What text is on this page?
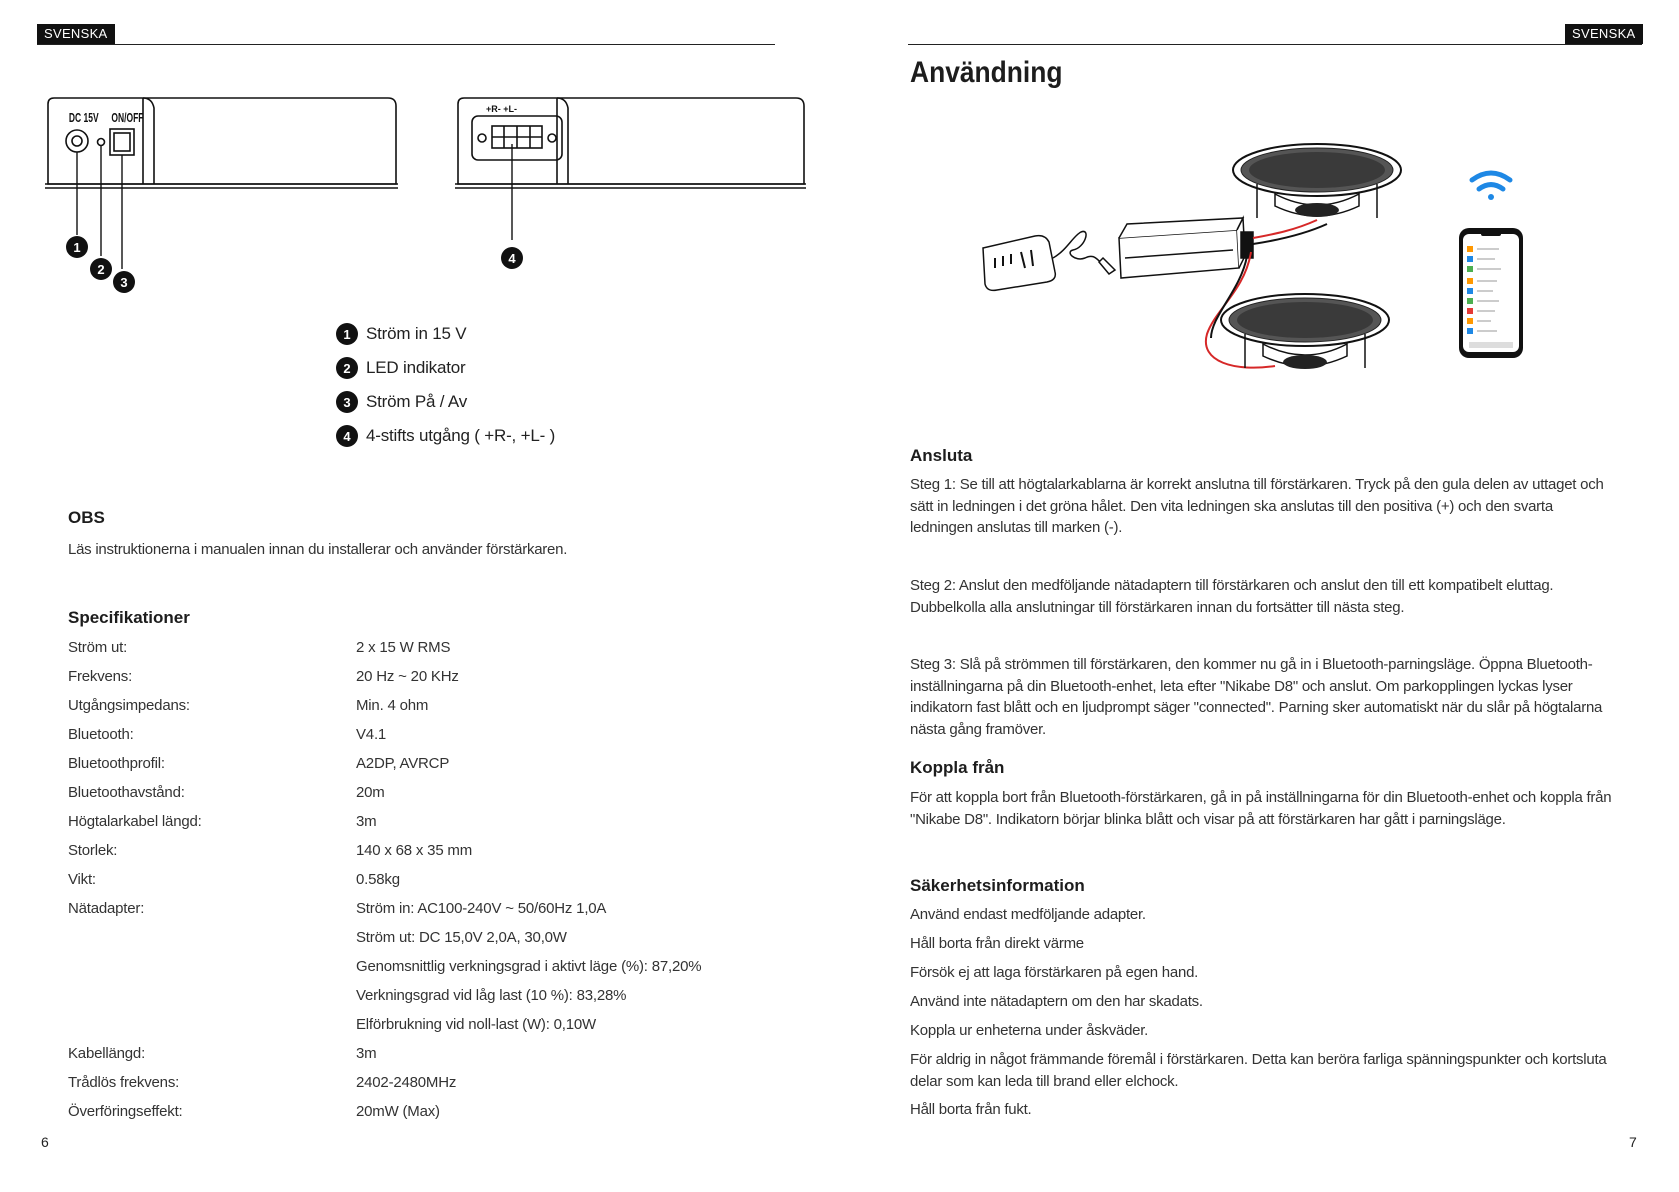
SVENSKA
DC 15V ON/OFF
1
2
3
+R- +L-
4
1 Ström in 15 V
2 LED indikator
3 Ström På / Av
4 4-stifts utgång ( +R-, +L- )
OBS

Läs instruktionerna i manualen innan du installerar och använder förstärkaren.

Specifikationer
Ström ut:	2 x 15 W RMS
Frekvens:	20 Hz ~ 20 KHz
Utgångsimpedans:	Min. 4 ohm
Bluetooth:	V4.1
Bluetoothprofil:	A2DP, AVRCP
Bluetoothavstånd:	20m
Högtalarkabel längd:	3m
Storlek:	140 x 68 x 35 mm
Vikt:	0.58kg
Nätadapter:	Ström in: AC100-240V ~ 50/60Hz 1,0A
Ström ut: DC 15,0V 2,0A, 30,0W
Genomsnittlig verkningsgrad i aktivt läge (%): 87,20%
Verkningsgrad vid låg last (10 %): 83,28%
Elförbrukning vid noll-last (W): 0,10W
Kabellängd:	3m
Trådlös frekvens:	2402-2480MHz
Överföringseffekt:	20mW (Max)
6
SVENSKA
Användning
Ansluta

Steg 1: Se till att högtalarkablarna är korrekt anslutna till förstärkaren. Tryck på den gula delen av uttaget och sätt in ledningen i det gröna hålet. Den vita ledningen ska anslutas till den positiva (+) och den svarta ledningen anslutas till marken (-).

Steg 2: Anslut den medföljande nätadaptern till förstärkaren och anslut den till ett kompatibelt eluttag. Dubbelkolla alla anslutningar till förstärkaren innan du fortsätter till nästa steg.

Steg 3: Slå på strömmen till förstärkaren, den kommer nu gå in i Bluetooth-parningsläge. Öppna Bluetooth-inställningarna på din Bluetooth-enhet, leta efter "Nikabe D8" och anslut. Om parkopplingen lyckas lyser indikatorn fast blått och en ljudprompt säger "connected". Parning sker automatiskt när du slår på högtalarna nästa gång framöver.

Koppla från

För att koppla bort från Bluetooth-förstärkaren, gå in på inställningarna för din Bluetooth-enhet och koppla från "Nikabe D8". Indikatorn börjar blinka blått och visar på att förstärkaren har gått i parningsläge.

Säkerhetsinformation

Använd endast medföljande adapter.

Håll borta från direkt värme

Försök ej att laga förstärkaren på egen hand.

Använd inte nätadaptern om den har skadats.

Koppla ur enheterna under åskväder.

För aldrig in något främmande föremål i förstärkaren. Detta kan beröra farliga spänningspunkter och kortsluta delar som kan leda till brand eller elchock.

Håll borta från fukt.

7
